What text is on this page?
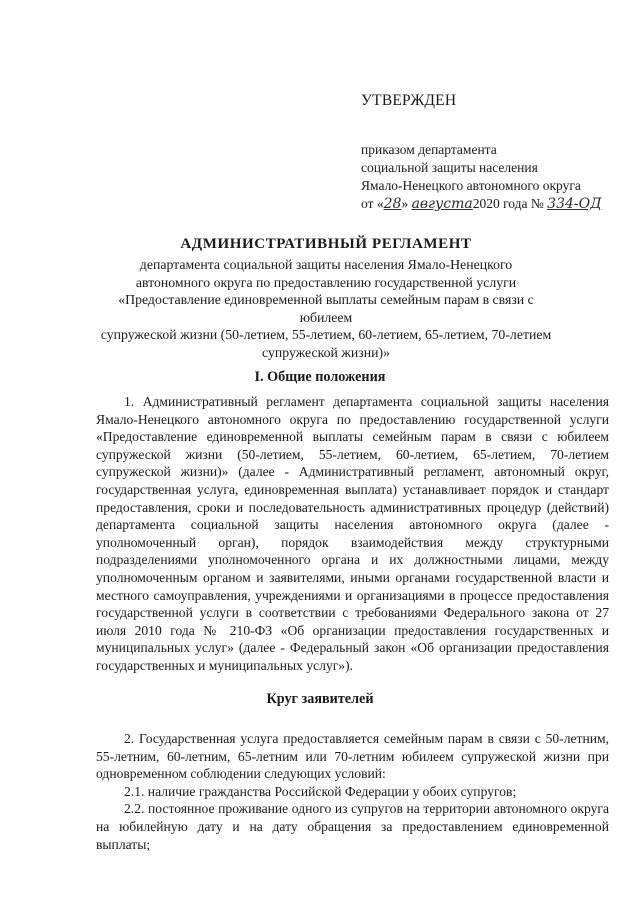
УТВЕРЖДЕН
приказом департамента
социальной защиты населения
Ямало-Ненецкого автономного округа
от «28» августа2020 года № 334-ОД
АДМИНИСТРАТИВНЫЙ РЕГЛАМЕНТ
департамента социальной защиты населения Ямало-Ненецкого
автономного округа по предоставлению государственной услуги
«Предоставление единовременной выплаты семейным парам в связи с юбилеем
супружеской жизни (50-летием, 55-летием, 60-летием, 65-летием, 70-летием
супружеской жизни)»
I. Общие положения

1. Административный регламент департамента социальной защиты населения Ямало-Ненецкого автономного округа по предоставлению государственной услуги «Предоставление единовременной выплаты семейным парам в связи с юбилеем супружеской жизни (50-летием, 55-летием, 60-летием, 65-летием, 70-летием супружеской жизни)» (далее - Административный регламент, автономный округ, государственная услуга, единовременная выплата) устанавливает порядок и стандарт предоставления, сроки и последовательность административных процедур (действий) департамента социальной защиты населения автономного округа (далее - уполномоченный орган), порядок взаимодействия между структурными подразделениями уполномоченного органа и их должностными лицами, между уполномоченным органом и заявителями, иными органами государственной власти и местного самоуправления, учреждениями и организациями в процессе предоставления государственной услуги в соответствии с требованиями Федерального закона от 27 июля 2010 года № 210-ФЗ «Об организации предоставления государственных и муниципальных услуг» (далее - Федеральный закон «Об организации предоставления государственных и муниципальных услуг»).

Круг заявителей

2. Государственная услуга предоставляется семейным парам в связи с 50-летним, 55-летним, 60-летним, 65-летним или 70-летним юбилеем супружеской жизни при одновременном соблюдении следующих условий:

2.1. наличие гражданства Российской Федерации у обоих супругов;

2.2. постоянное проживание одного из супругов на территории автономного округа на юбилейную дату и на дату обращения за предоставлением единовременной выплаты;
